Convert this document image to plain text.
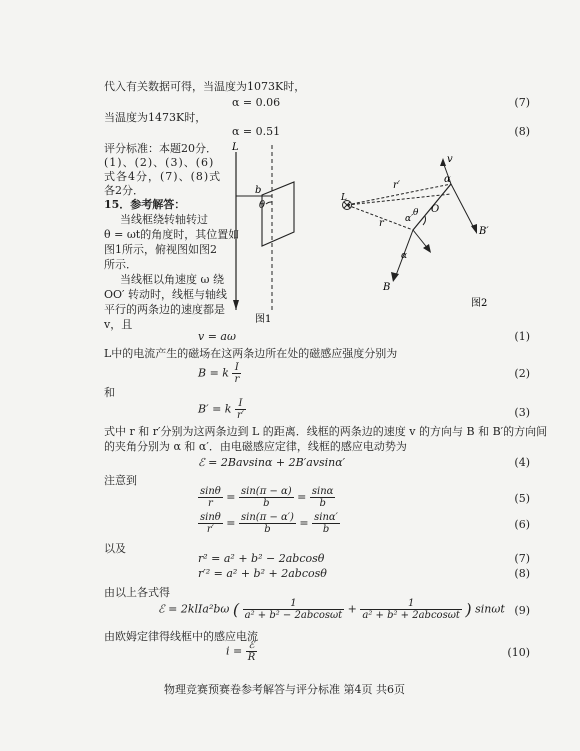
代入有关数据可得，当温度为1073K时，
α = 0.06	(7)
当温度为1473K时，
α = 0.51	(8)
评分标准：本题20分．
(1)、(2)、(3)、(6)
式各4分，(7)、(8)式
各2分．
15．参考解答：
当线框绕转轴转过
θ = ωt的角度时，其位置如
图1所示，俯视图如图2
所示．
当线框以角速度 ω 绕
OO′ 转动时，线框与轴线
平行的两条边的速度都是
v，且
L
b
θ
图1
L
v
α
r′
r
θ
α′
O
B′
α
B
图2
v = aω	(1)
L中的电流产生的磁场在这两条边所在处的磁感应强度分别为
B = k $\frac{I}{r}$	(2)
和
B′ = k $\frac{I}{r'}$	(3)
式中 r 和 r′分别为这两条边到 L 的距离．线框的两条边的速度 v 的方向与 B 和 B′的方向间
的夹角分别为 α 和 α′．由电磁感应定律，线框的感应电动势为
ℰ = 2Bavsinα + 2B′avsinα′	(4)
注意到
$\frac{\sin\theta}{r} = \frac{\sin(\pi - \alpha)}{b} = \frac{\sin\alpha}{b}$	(5)
$\frac{\sin\theta}{r'} = \frac{\sin(\pi - \alpha')}{b} = \frac{\sin\alpha'}{b}$	(6)
以及
r² = a² + b² − 2abcosθ	(7)
r′² = a² + b² + 2abcosθ	(8)
由以上各式得
ℰ = 2klIa²bω ( $\frac{1}{\text{a² + b² − 2abcosωt}} + \frac{1}{\text{a² + b² + 2abcosωt}}$ ) sinωt (9)
由欧姆定律得线框中的感应电流
$i = \frac{\text{ℰ}}{R}$	(10)
物理竞赛预赛卷参考解答与评分标准 第4页 共6页
